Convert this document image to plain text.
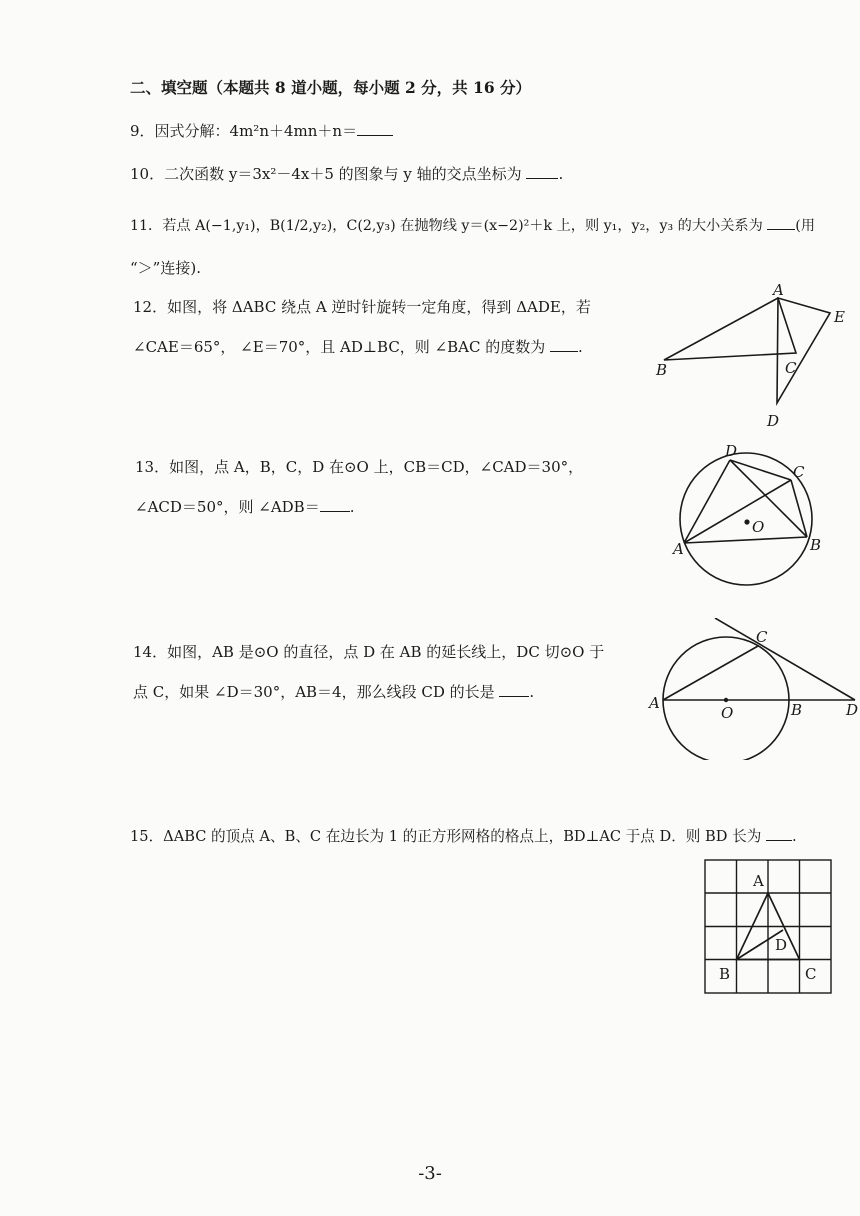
二、填空题（本题共 8 道小题，每小题 2 分，共 16 分）
9．因式分解：4m²n＋4mn＋n＝
10．二次函数 y＝3x²－4x＋5 的图象与 y 轴的交点坐标为 .
11．若点 A(−1,y₁)，B(1/2,y₂)，C(2,y₃) 在抛物线 y＝(x−2)²＋k 上，则 y₁，y₂，y₃ 的大小关系为 (用
“＞”连接).
12．如图，将 ΔABC 绕点 A 逆时针旋转一定角度，得到 ΔADE，若
∠CAE＝65°， ∠E＝70°，且 AD⊥BC，则 ∠BAC 的度数为 .
13．如图，点 A，B，C，D 在⊙O 上，CB＝CD，∠CAD＝30°，
∠ACD＝50°，则 ∠ADB＝ .
14．如图，AB 是⊙O 的直径，点 D 在 AB 的延长线上，DC 切⊙O 于
点 C，如果 ∠D＝30°，AB＝4，那么线段 CD 的长是 .
15．ΔABC 的顶点 A、B、C 在边长为 1 的正方形网格的格点上，BD⊥AC 于点 D．则 BD 长为 .
A
E
B	C
D
D
C
O
A	B
A
O	B	D
C
A
D
B	C
-3-
